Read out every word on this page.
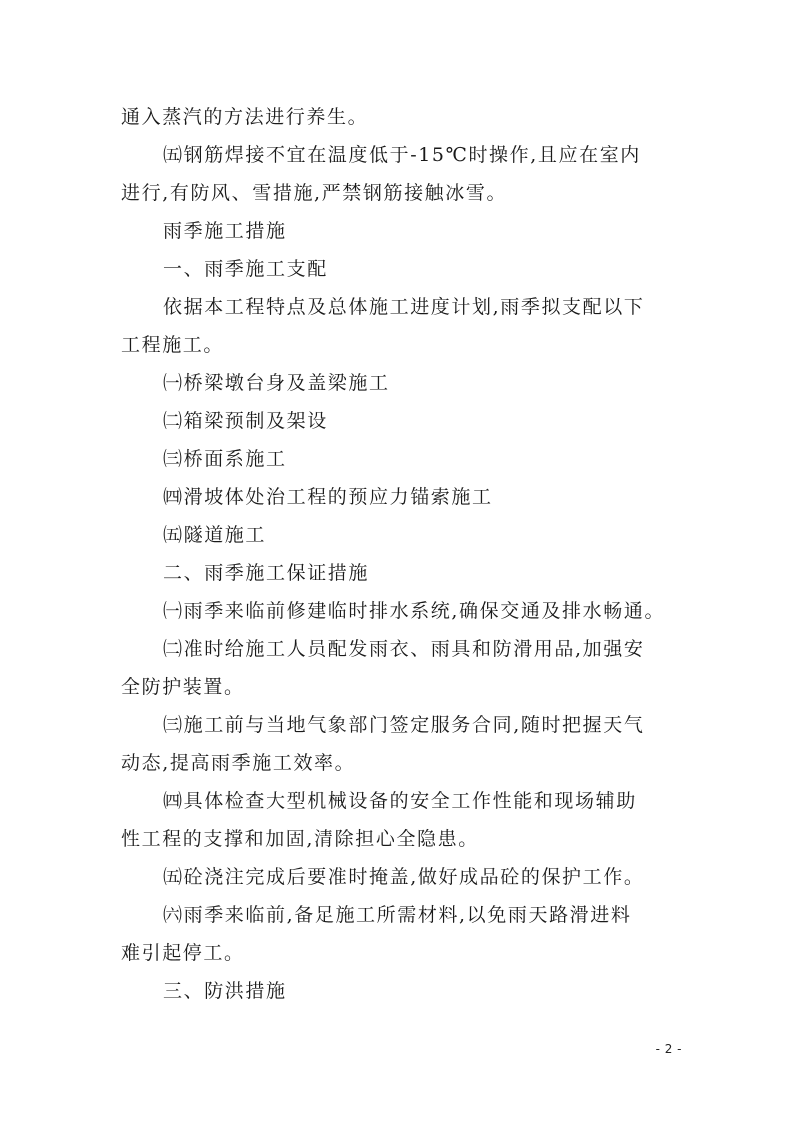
通入蒸汽的方法进行养生。
㈤钢筋焊接不宜在温度低于-15℃时操作,且应在室内
进行,有防风、雪措施,严禁钢筋接触冰雪。
雨季施工措施
一、雨季施工支配
依据本工程特点及总体施工进度计划,雨季拟支配以下
工程施工。
㈠桥梁墩台身及盖梁施工
㈡箱梁预制及架设
㈢桥面系施工
㈣滑坡体处治工程的预应力锚索施工
㈤隧道施工
二、雨季施工保证措施
㈠雨季来临前修建临时排水系统,确保交通及排水畅通。
㈡准时给施工人员配发雨衣、雨具和防滑用品,加强安
全防护装置。
㈢施工前与当地气象部门签定服务合同,随时把握天气
动态,提高雨季施工效率。
㈣具体检查大型机械设备的安全工作性能和现场辅助
性工程的支撑和加固,清除担心全隐患。
㈤砼浇注完成后要准时掩盖,做好成品砼的保护工作。
㈥雨季来临前,备足施工所需材料,以免雨天路滑进料
难引起停工。
三、防洪措施
- 2 -
